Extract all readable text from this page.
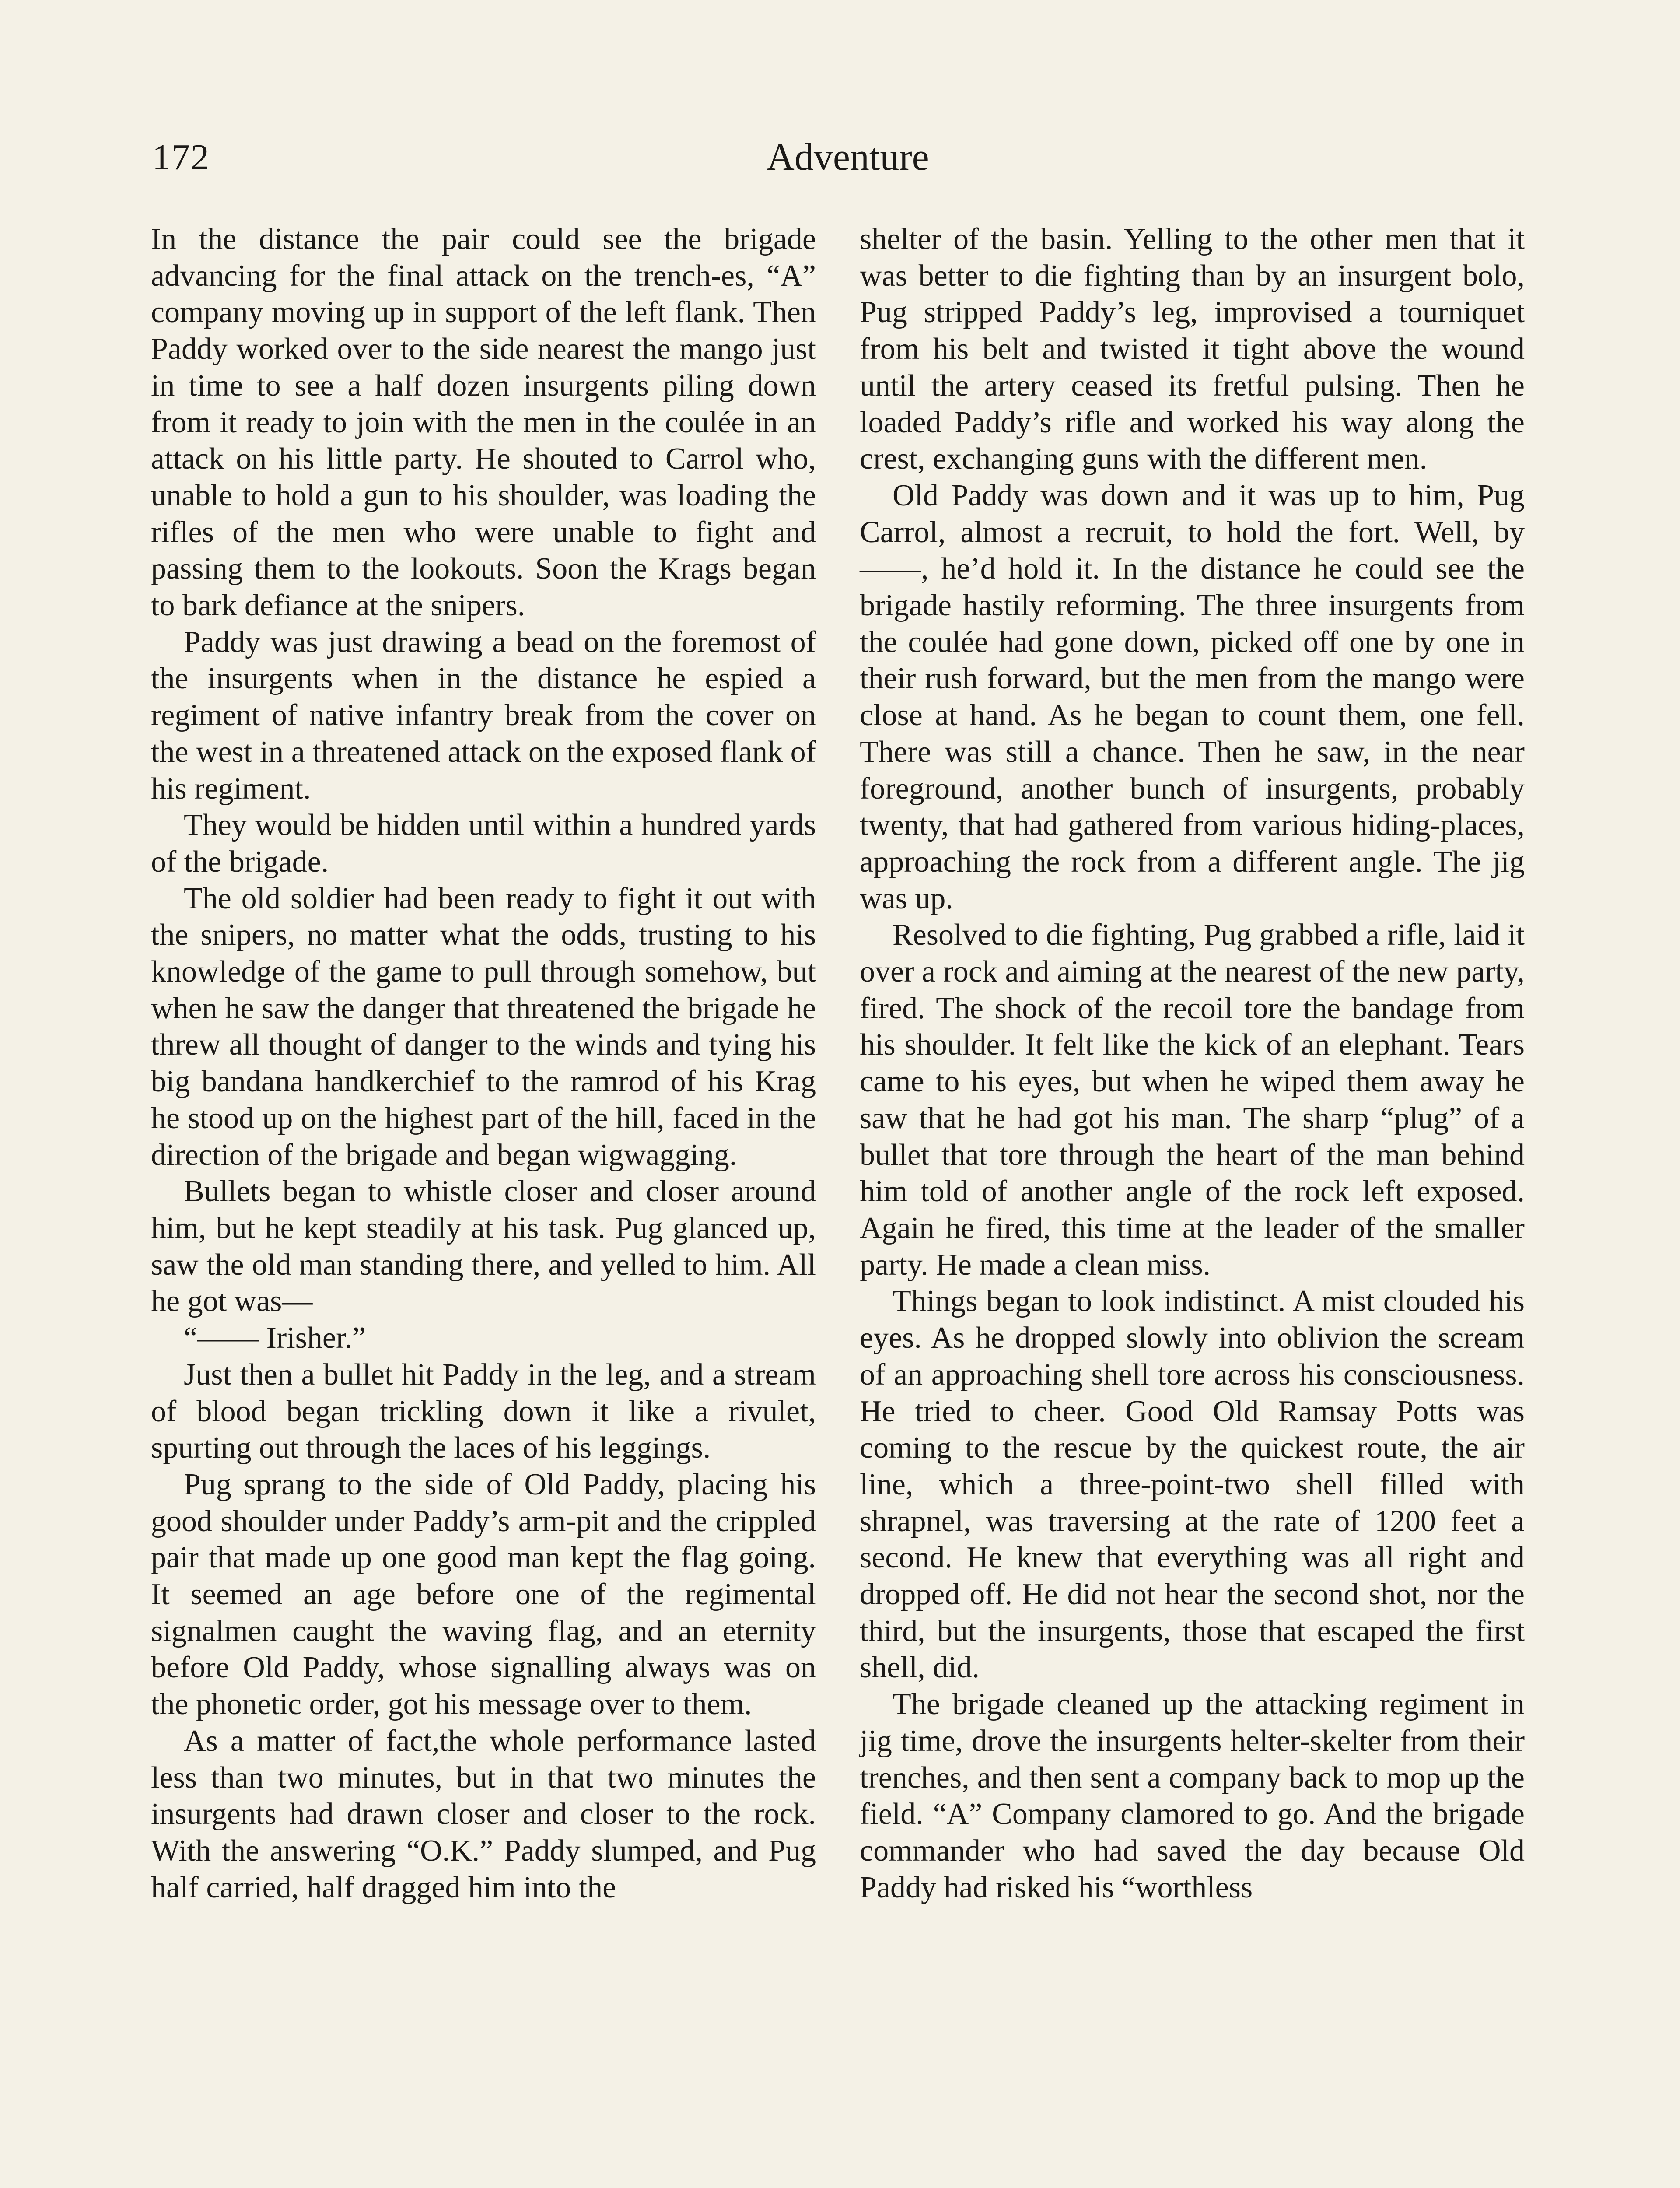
172	Adventure

In the distance the pair could see the brigade advancing for the final attack on the trench-es, “A” company moving up in support of the left flank. Then Paddy worked over to the side nearest the mango just in time to see a half dozen insurgents piling down from it ready to join with the men in the coulée in an attack on his little party. He shouted to Carrol who, unable to hold a gun to his shoulder, was loading the rifles of the men who were unable to fight and passing them to the lookouts. Soon the Krags began to bark defiance at the snipers.

Paddy was just drawing a bead on the foremost of the insurgents when in the distance he espied a regiment of native infantry break from the cover on the west in a threatened attack on the exposed flank of his regiment.

They would be hidden until within a hundred yards of the brigade.

The old soldier had been ready to fight it out with the snipers, no matter what the odds, trusting to his knowledge of the game to pull through somehow, but when he saw the danger that threatened the brigade he threw all thought of danger to the winds and tying his big bandana handkerchief to the ramrod of his Krag he stood up on the highest part of the hill, faced in the direction of the brigade and began wigwagging.

Bullets began to whistle closer and closer around him, but he kept steadily at his task. Pug glanced up, saw the old man standing there, and yelled to him. All he got was—

“—— Irisher.”

Just then a bullet hit Paddy in the leg, and a stream of blood began trickling down it like a rivulet, spurting out through the laces of his leggings.

Pug sprang to the side of Old Paddy, placing his good shoulder under Paddy’s arm-pit and the crippled pair that made up one good man kept the flag going. It seemed an age before one of the regimental signalmen caught the waving flag, and an eternity before Old Paddy, whose signalling always was on the phonetic order, got his message over to them.

As a matter of fact,the whole performance lasted less than two minutes, but in that two minutes the insurgents had drawn closer and closer to the rock. With the answering “O.K.” Paddy slumped, and Pug half carried, half dragged him into the

shelter of the basin. Yelling to the other men that it was better to die fighting than by an insurgent bolo, Pug stripped Paddy’s leg, improvised a tourniquet from his belt and twisted it tight above the wound until the artery ceased its fretful pulsing. Then he loaded Paddy’s rifle and worked his way along the crest, exchanging guns with the different men.

Old Paddy was down and it was up to him, Pug Carrol, almost a recruit, to hold the fort. Well, by ——, he’d hold it. In the distance he could see the brigade hastily reforming. The three insurgents from the coulée had gone down, picked off one by one in their rush forward, but the men from the mango were close at hand. As he began to count them, one fell. There was still a chance. Then he saw, in the near foreground, another bunch of insurgents, probably twenty, that had gathered from various hiding-places, approaching the rock from a different angle. The jig was up.

Resolved to die fighting, Pug grabbed a rifle, laid it over a rock and aiming at the nearest of the new party, fired. The shock of the recoil tore the bandage from his shoulder. It felt like the kick of an elephant. Tears came to his eyes, but when he wiped them away he saw that he had got his man. The sharp “plug” of a bullet that tore through the heart of the man behind him told of another angle of the rock left exposed. Again he fired, this time at the leader of the smaller party. He made a clean miss.

Things began to look indistinct. A mist clouded his eyes. As he dropped slowly into oblivion the scream of an approaching shell tore across his consciousness. He tried to cheer. Good Old Ramsay Potts was coming to the rescue by the quickest route, the air line, which a three-point-two shell filled with shrapnel, was traversing at the rate of 1200 feet a second. He knew that everything was all right and dropped off. He did not hear the second shot, nor the third, but the insurgents, those that escaped the first shell, did.

The brigade cleaned up the attacking regiment in jig time, drove the insurgents helter-skelter from their trenches, and then sent a company back to mop up the field. “A” Company clamored to go. And the brigade commander who had saved the day because Old Paddy had risked his “worthless
